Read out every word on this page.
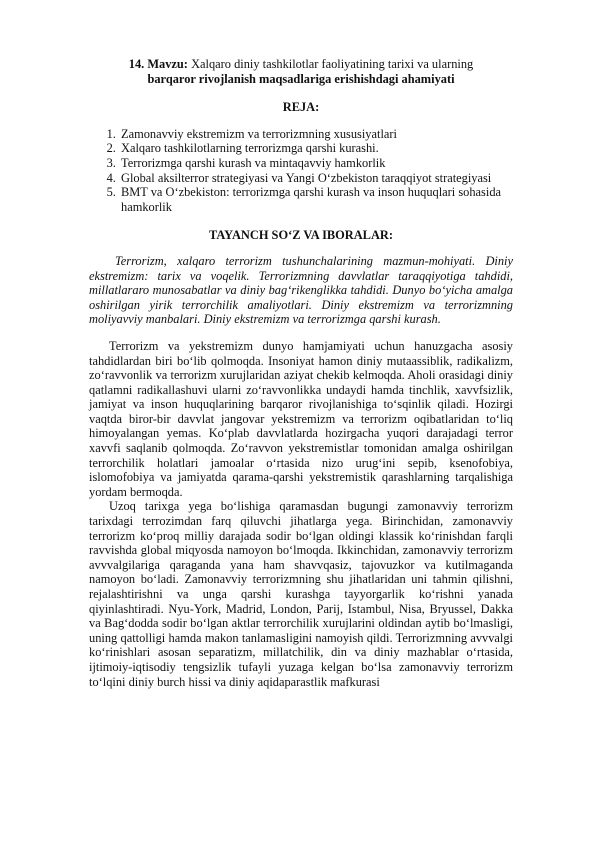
14. Mavzu: Xalqaro diniy tashkilotlar faoliyatining tarixi va ularning
barqaror rivojlanish maqsadlariga erishishdagi ahamiyati

REJA:
1. Zamonavviy ekstremizm va terrorizmning xususiyatlari
2. Xalqaro tashkilotlarning terrorizmga qarshi kurashi.
3. Terrorizmga qarshi kurash va mintaqavviy hamkorlik
4. Global aksilterror strategiyasi va Yangi O‘zbekiston taraqqiyot strategiyasi
5. BMT va O‘zbekiston: terrorizmga qarshi kurash va inson huquqlari sohasida hamkorlik
TAYANCH SO‘Z VA IBORALAR:

Terrorizm, xalqaro terrorizm tushunchalarining mazmun-mohiyati. Diniy ekstremizm: tarix va voqelik. Terrorizmning davvlatlar taraqqiyotiga tahdidi, millatlararo munosabatlar va diniy bag‘rikenglikka tahdidi. Dunyo bo‘yicha amalga oshirilgan yirik terrorchilik amaliyotlari. Diniy ekstremizm va terrorizmning moliyavviy manbalari. Diniy ekstremizm va terrorizmga qarshi kurash.

Terrorizm va yekstremizm dunyo hamjamiyati uchun hanuzgacha asosiy tahdidlardan biri bo‘lib qolmoqda. Insoniyat hamon diniy mutaassiblik, radikalizm, zo‘ravvonlik va terrorizm xurujlaridan aziyat chekib kelmoqda. Aholi orasidagi diniy qatlamni radikallashuvi ularni zo‘ravvonlikka undaydi hamda tinchlik, xavvfsizlik, jamiyat va inson huquqlarining barqaror rivojlanishiga to‘sqinlik qiladi. Hozirgi vaqtda biror-bir davvlat jangovar yekstremizm va terrorizm oqibatlaridan to‘liq himoyalangan yemas. Ko‘plab davvlatlarda hozirgacha yuqori darajadagi terror xavvfi saqlanib qolmoqda. Zo‘ravvon yekstremistlar tomonidan amalga oshirilgan terrorchilik holatlari jamoalar o‘rtasida nizo urug‘ini sepib, ksenofobiya, islomofobiya va jamiyatda qarama-qarshi yekstremistik qarashlarning tarqalishiga yordam bermoqda.

Uzoq tarixga yega bo‘lishiga qaramasdan bugungi zamonavviy terrorizm tarixdagi terrozimdan farq qiluvchi jihatlarga yega. Birinchidan, zamonavviy terrorizm ko‘proq milliy darajada sodir bo‘lgan oldingi klassik ko‘rinishdan farqli ravvishda global miqyosda namoyon bo‘lmoqda. Ikkinchidan, zamonavviy terrorizm avvvalgilariga qaraganda yana ham shavvqasiz, tajovuzkor va kutilmaganda namoyon bo‘ladi. Zamonavviy terrorizmning shu jihatlaridan uni tahmin qilishni, rejalashtirishni va unga qarshi kurashga tayyorgarlik ko‘rishni yanada qiyinlashtiradi. Nyu-York, Madrid, London, Parij, Istambul, Nisa, Bryussel, Dakka va Bag‘dodda sodir bo‘lgan aktlar terrorchilik xurujlarini oldindan aytib bo‘lmasligi, uning qattolligi hamda makon tanlamasligini namoyish qildi. Terrorizmning avvvalgi ko‘rinishlari asosan separatizm, millatchilik, din va diniy mazhablar o‘rtasida, ijtimoiy-iqtisodiy tengsizlik tufayli yuzaga kelgan bo‘lsa zamonavviy terrorizm to‘lqini diniy burch hissi va diniy aqidaparastlik mafkurasi
